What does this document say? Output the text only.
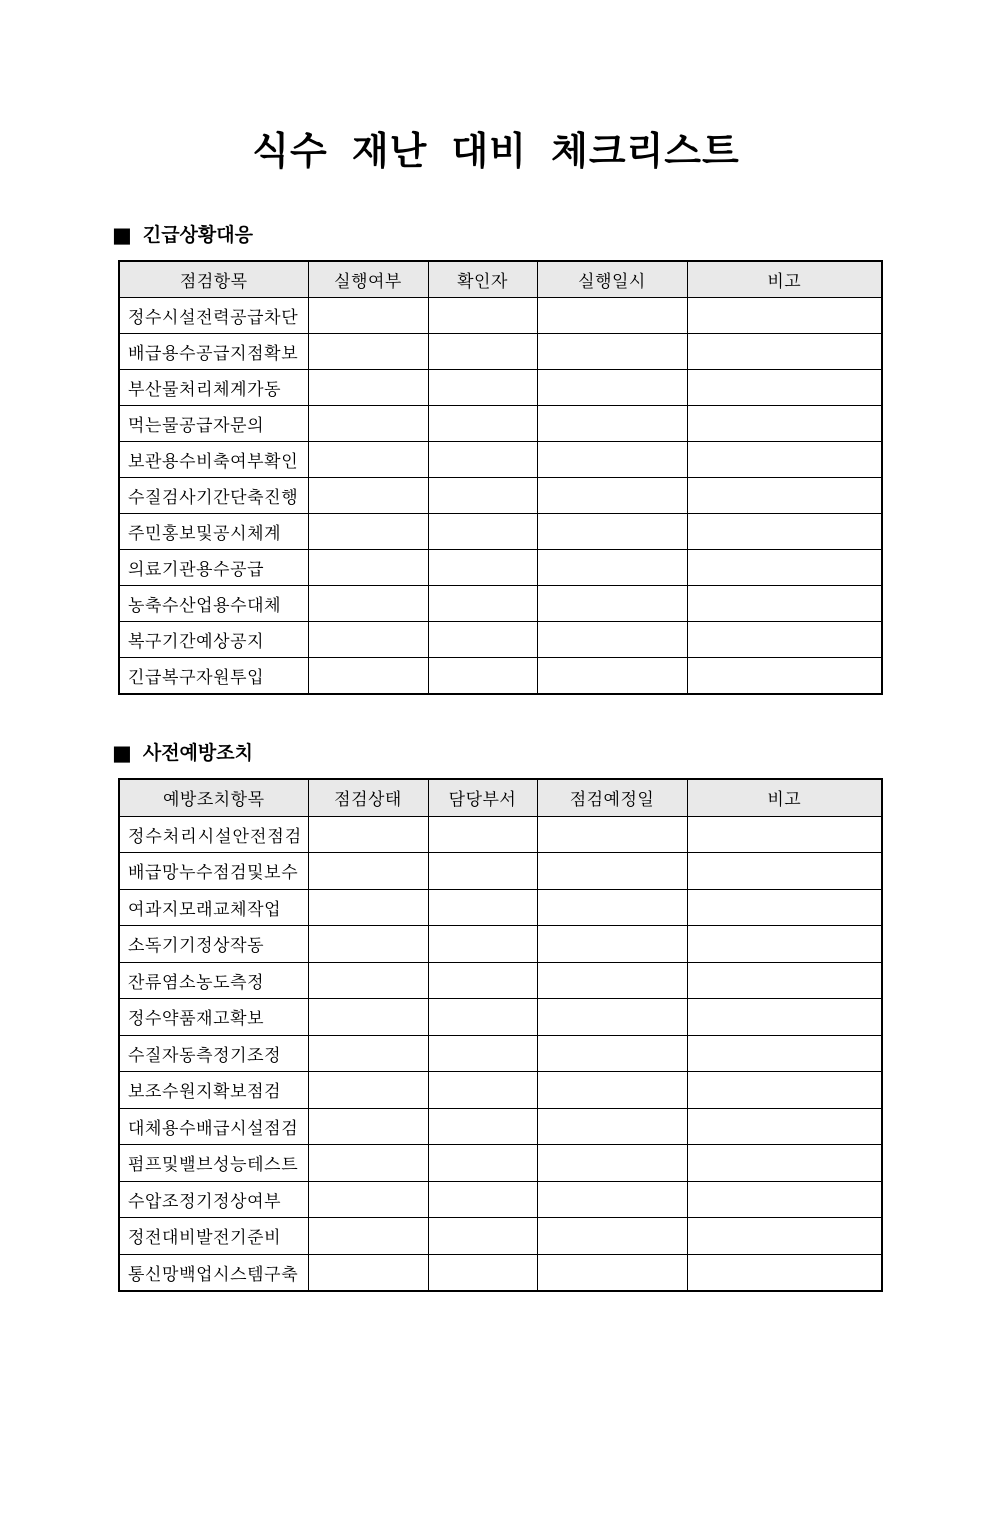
식수 재난 대비 체크리스트
■ 긴급상황대응
점검항목	실행여부	확인자	실행일시	비고
정수시설전력공급차단				
배급용수공급지점확보				
부산물처리체계가동				
먹는물공급자문의				
보관용수비축여부확인				
수질검사기간단축진행				
주민홍보및공시체계				
의료기관용수공급				
농축수산업용수대체				
복구기간예상공지				
긴급복구자원투입				
■ 사전예방조치
예방조치항목	점검상태	담당부서	점검예정일	비고
정수처리시설안전점검				
배급망누수점검및보수				
여과지모래교체작업				
소독기기정상작동				
잔류염소농도측정				
정수약품재고확보				
수질자동측정기조정				
보조수원지확보점검				
대체용수배급시설점검				
펌프및밸브성능테스트				
수압조정기정상여부				
정전대비발전기준비				
통신망백업시스템구축				
